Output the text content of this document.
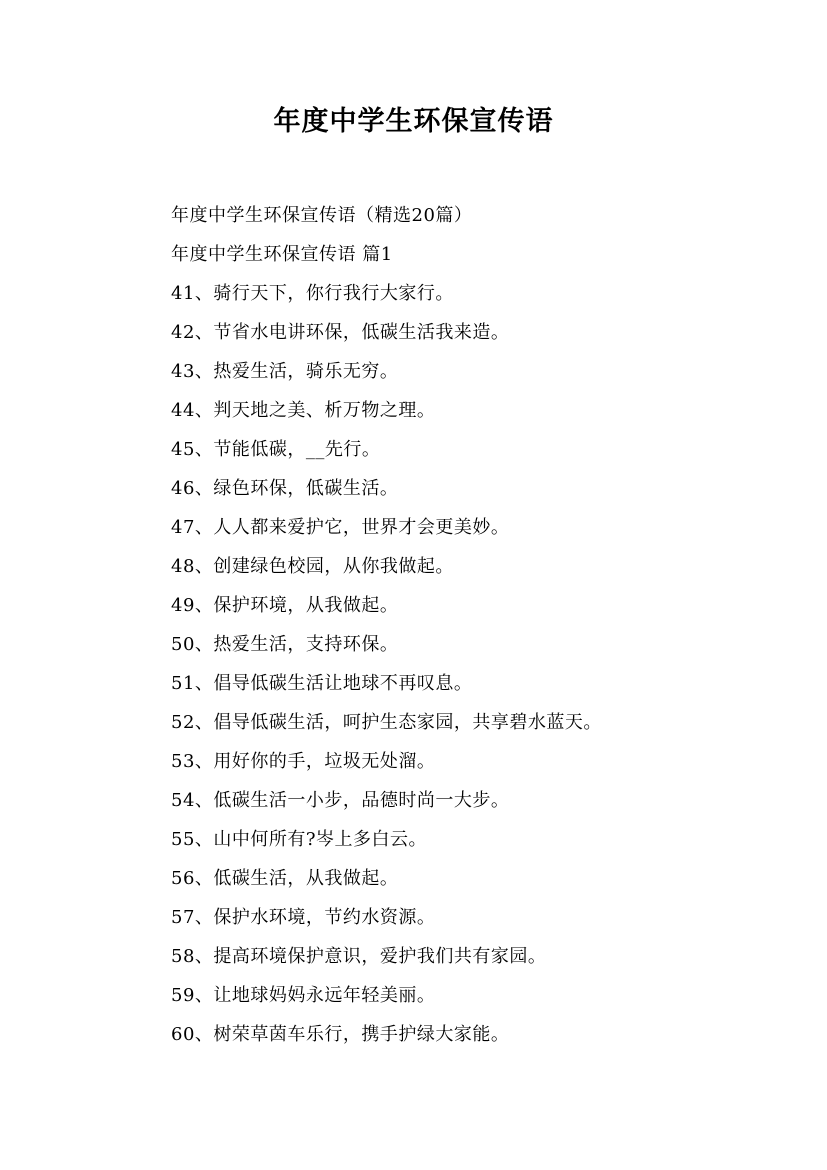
年度中学生环保宣传语
年度中学生环保宣传语（精选20篇）
年度中学生环保宣传语 篇1
41、骑行天下，你行我行大家行。
42、节省水电讲环保，低碳生活我来造。
43、热爱生活，骑乐无穷。
44、判天地之美、析万物之理。
45、节能低碳，__先行。
46、绿色环保，低碳生活。
47、人人都来爱护它，世界才会更美妙。
48、创建绿色校园，从你我做起。
49、保护环境，从我做起。
50、热爱生活，支持环保。
51、倡导低碳生活让地球不再叹息。
52、倡导低碳生活，呵护生态家园，共享碧水蓝天。
53、用好你的手，垃圾无处溜。
54、低碳生活一小步，品德时尚一大步。
55、山中何所有?岑上多白云。
56、低碳生活，从我做起。
57、保护水环境，节约水资源。
58、提高环境保护意识，爱护我们共有家园。
59、让地球妈妈永远年轻美丽。
60、树荣草茵车乐行，携手护绿大家能。
